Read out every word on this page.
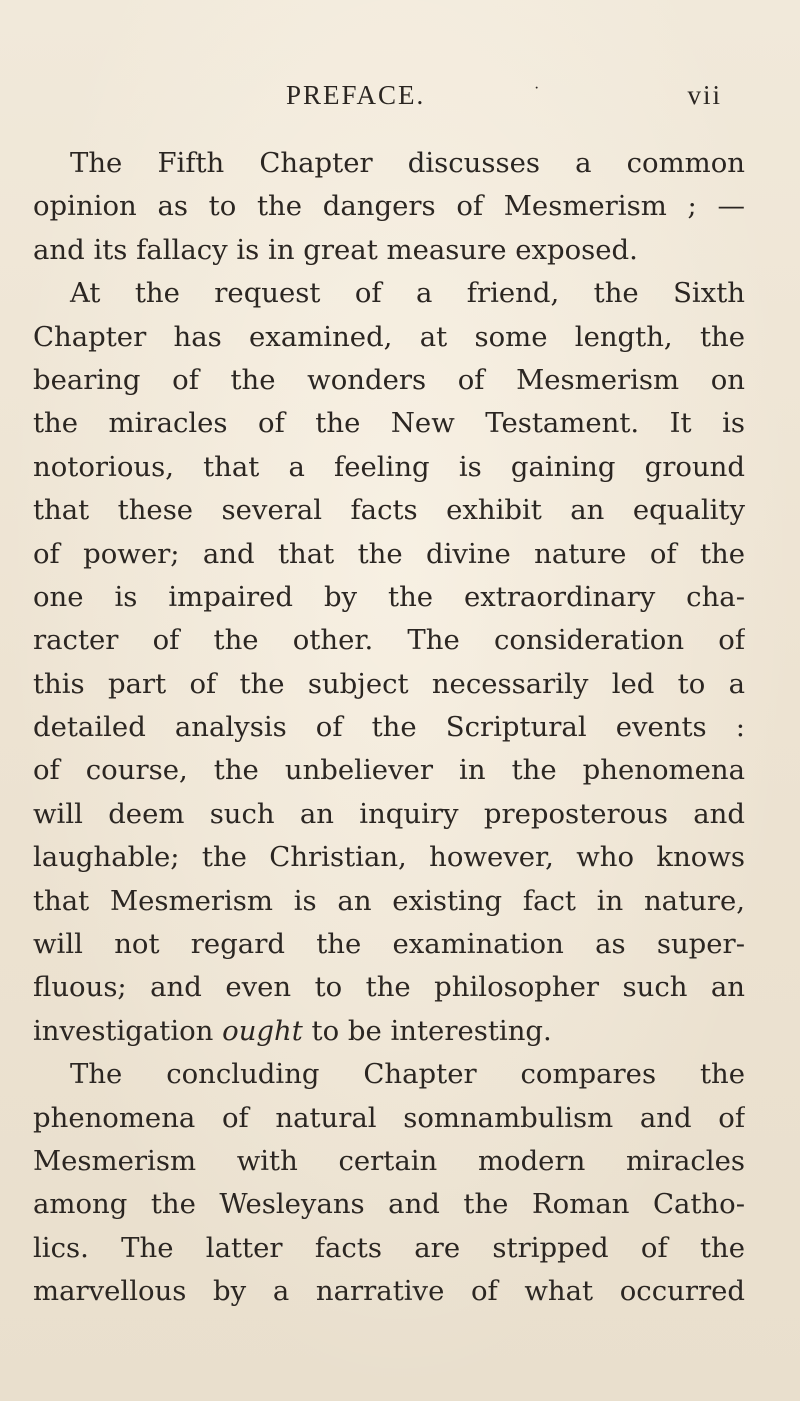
PREFACE.	·	vii
The Fifth Chapter discusses a common
opinion as to the dangers of Mesmerism ; —
and its fallacy is in great measure exposed.
At the request of a friend, the Sixth
Chapter has examined, at some length, the
bearing of the wonders of Mesmerism on
the miracles of the New Testament. It is
notorious, that a feeling is gaining ground
that these several facts exhibit an equality
of power; and that the divine nature of the
one is impaired by the extraordinary cha-
racter of the other. The consideration of
this part of the subject necessarily led to a
detailed analysis of the Scriptural events :
of course, the unbeliever in the phenomena
will deem such an inquiry preposterous and
laughable; the Christian, however, who knows
that Mesmerism is an existing fact in nature,
will not regard the examination as super-
fluous; and even to the philosopher such an
investigation ought to be interesting.
The concluding Chapter compares the
phenomena of natural somnambulism and of
Mesmerism with certain modern miracles
among the Wesleyans and the Roman Catho-
lics. The latter facts are stripped of the
marvellous by a narrative of what occurred
